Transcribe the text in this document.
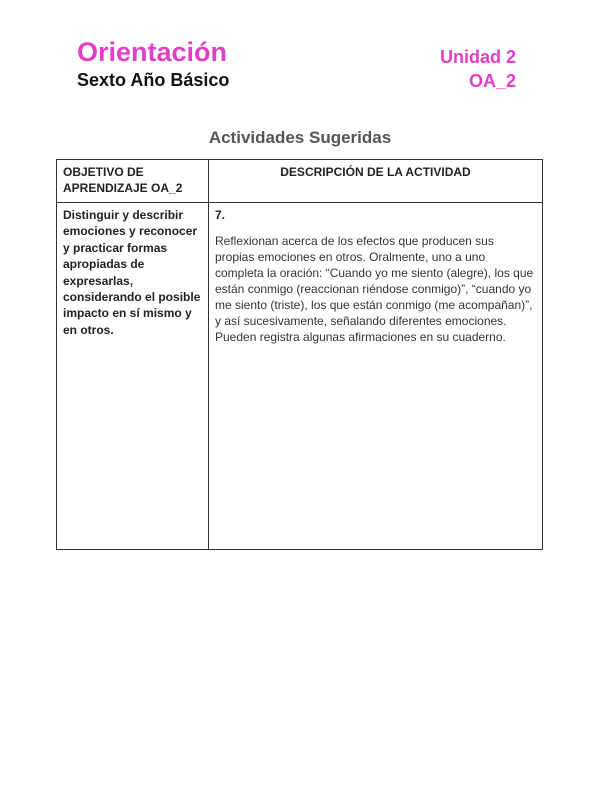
Orientación
Sexto Año Básico
Unidad 2
OA_2
Actividades Sugeridas
OBJETIVO DE APRENDIZAJE OA_2	DESCRIPCIÓN DE LA ACTIVIDAD

Distinguir y describir emociones y reconocer y practicar formas apropiadas de expresarlas, considerando el posible impacto en sí mismo y en otros.	7.
Reflexionan acerca de los efectos que producen sus propias emociones en otros. Oralmente, uno a uno completa la oración: “Cuando yo me siento (alegre), los que están conmigo (reaccionan riéndose conmigo)”, “cuando yo me siento (triste), los que están conmigo (me acompañan)”, y así sucesivamente, señalando diferentes emociones. Pueden registra algunas afirmaciones en su cuaderno.
